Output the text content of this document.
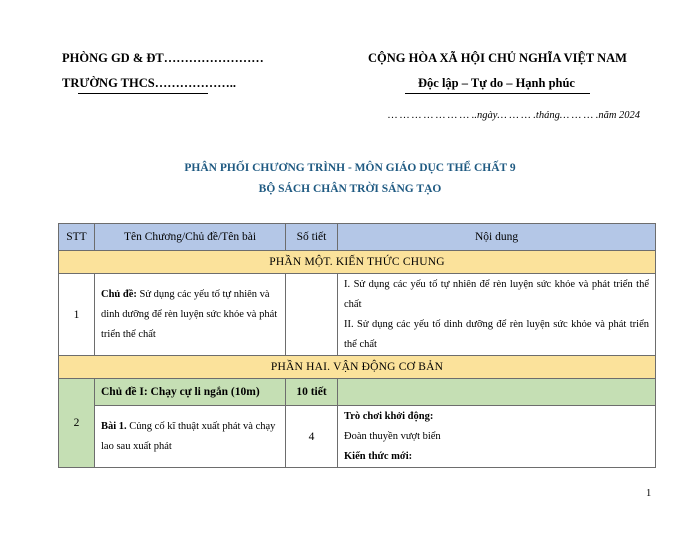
PHÒNG GD & ĐT……………………
TRƯỜNG THCS………………..
CỘNG HÒA XÃ HỘI CHỦ NGHĨA VIỆT NAM
Độc lập – Tự do – Hạnh phúc
… … … … … … … ..ngày… … … .tháng… … … .năm 2024
PHÂN PHỐI CHƯƠNG TRÌNH - MÔN GIÁO DỤC THỂ CHẤT 9
BỘ SÁCH CHÂN TRỜI SÁNG TẠO
STT	Tên Chương/Chủ đề/Tên bài	Số tiết	Nội dung
PHẦN MỘT. KIẾN THỨC CHUNG			
1	Chủ đề: Sử dụng các yếu tố tự nhiên và dinh dưỡng để rèn luyện sức khỏe và phát triển thể chất		I. Sử dụng các yếu tố tự nhiên để rèn luyện sức khỏe và phát triển thể chất
II. Sử dụng các yếu tố dinh dưỡng để rèn luyện sức khỏe và phát triển thể chất

PHẦN HAI. VẬN ĐỘNG CƠ BẢN			
2	Chủ đề I: Chạy cự li ngắn (10m)	10 tiết	
	Bài 1. Củng cố kĩ thuật xuất phát và chạy lao sau xuất phát	4	Trò chơi khởi động:
Đoàn thuyền vượt biển
Kiến thức mới:
1
